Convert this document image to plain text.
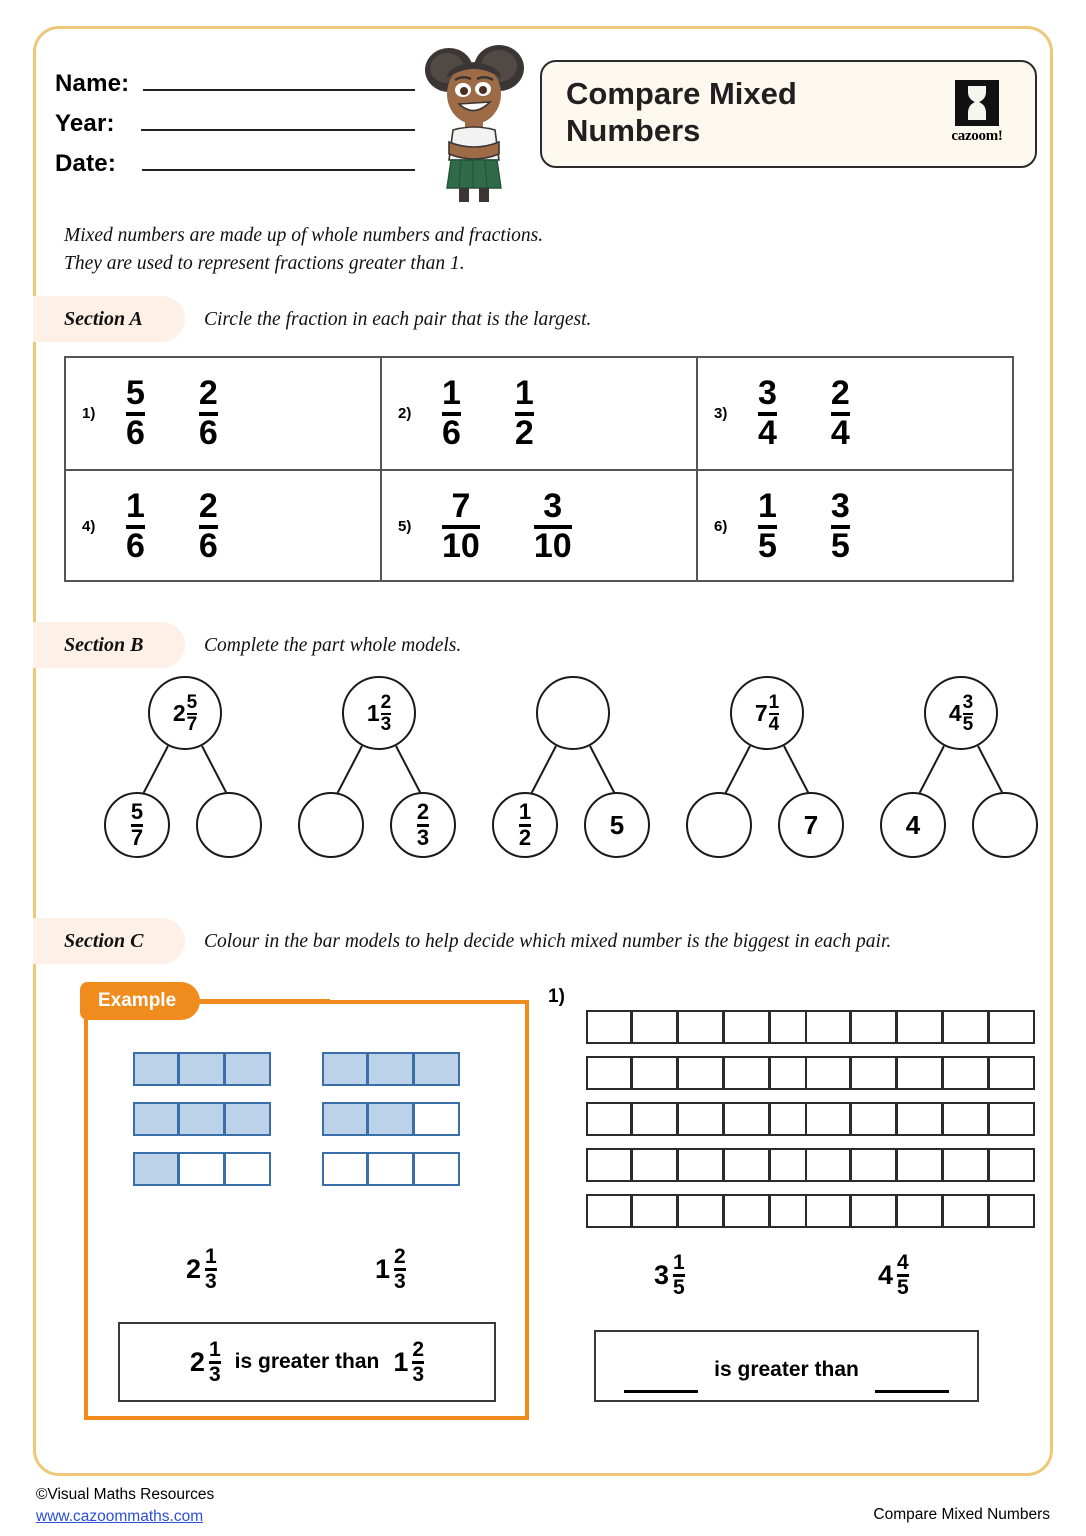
Name:
Year:
Date:
Compare Mixed
Numbers	cazoom!
Mixed numbers are made up of whole numbers and fractions.
They are used to represent fractions greater than 1.
Section A	Circle the fraction in each pair that is the largest.
$1) \frac{5}{6} \frac{2}{6}$	$2) \frac{1}{6} \frac{1}{2}$	$3) \frac{3}{4} \frac{2}{4}$
$4) \frac{1}{6} \frac{2}{6}$	$5) \frac{7}{10} \frac{3}{10}$	$6) \frac{1}{5} \frac{3}{5}$
Section B	Complete the part whole models.
$2 \frac{5}{7}$
$\frac{5}{7}$
$1 \frac{2}{3}$
$\frac{2}{3}$	$\frac{1}{2}$	5
$7 \frac{1}{4}$
7
$4 \frac{3}{5}$
4
Section C	Colour in the bar models to help decide which mixed number is the biggest in each pair.
Example
$2 \frac{1}{3}$	$1 \frac{2}{3}$
$2 \frac{1}{3}$ is greater than $1 \frac{2}{3}$
1)
$3 \frac{1}{5}$	$4 \frac{4}{5}$
is greater than
©Visual Maths Resources
www.cazoommaths.com	Compare Mixed Numbers
